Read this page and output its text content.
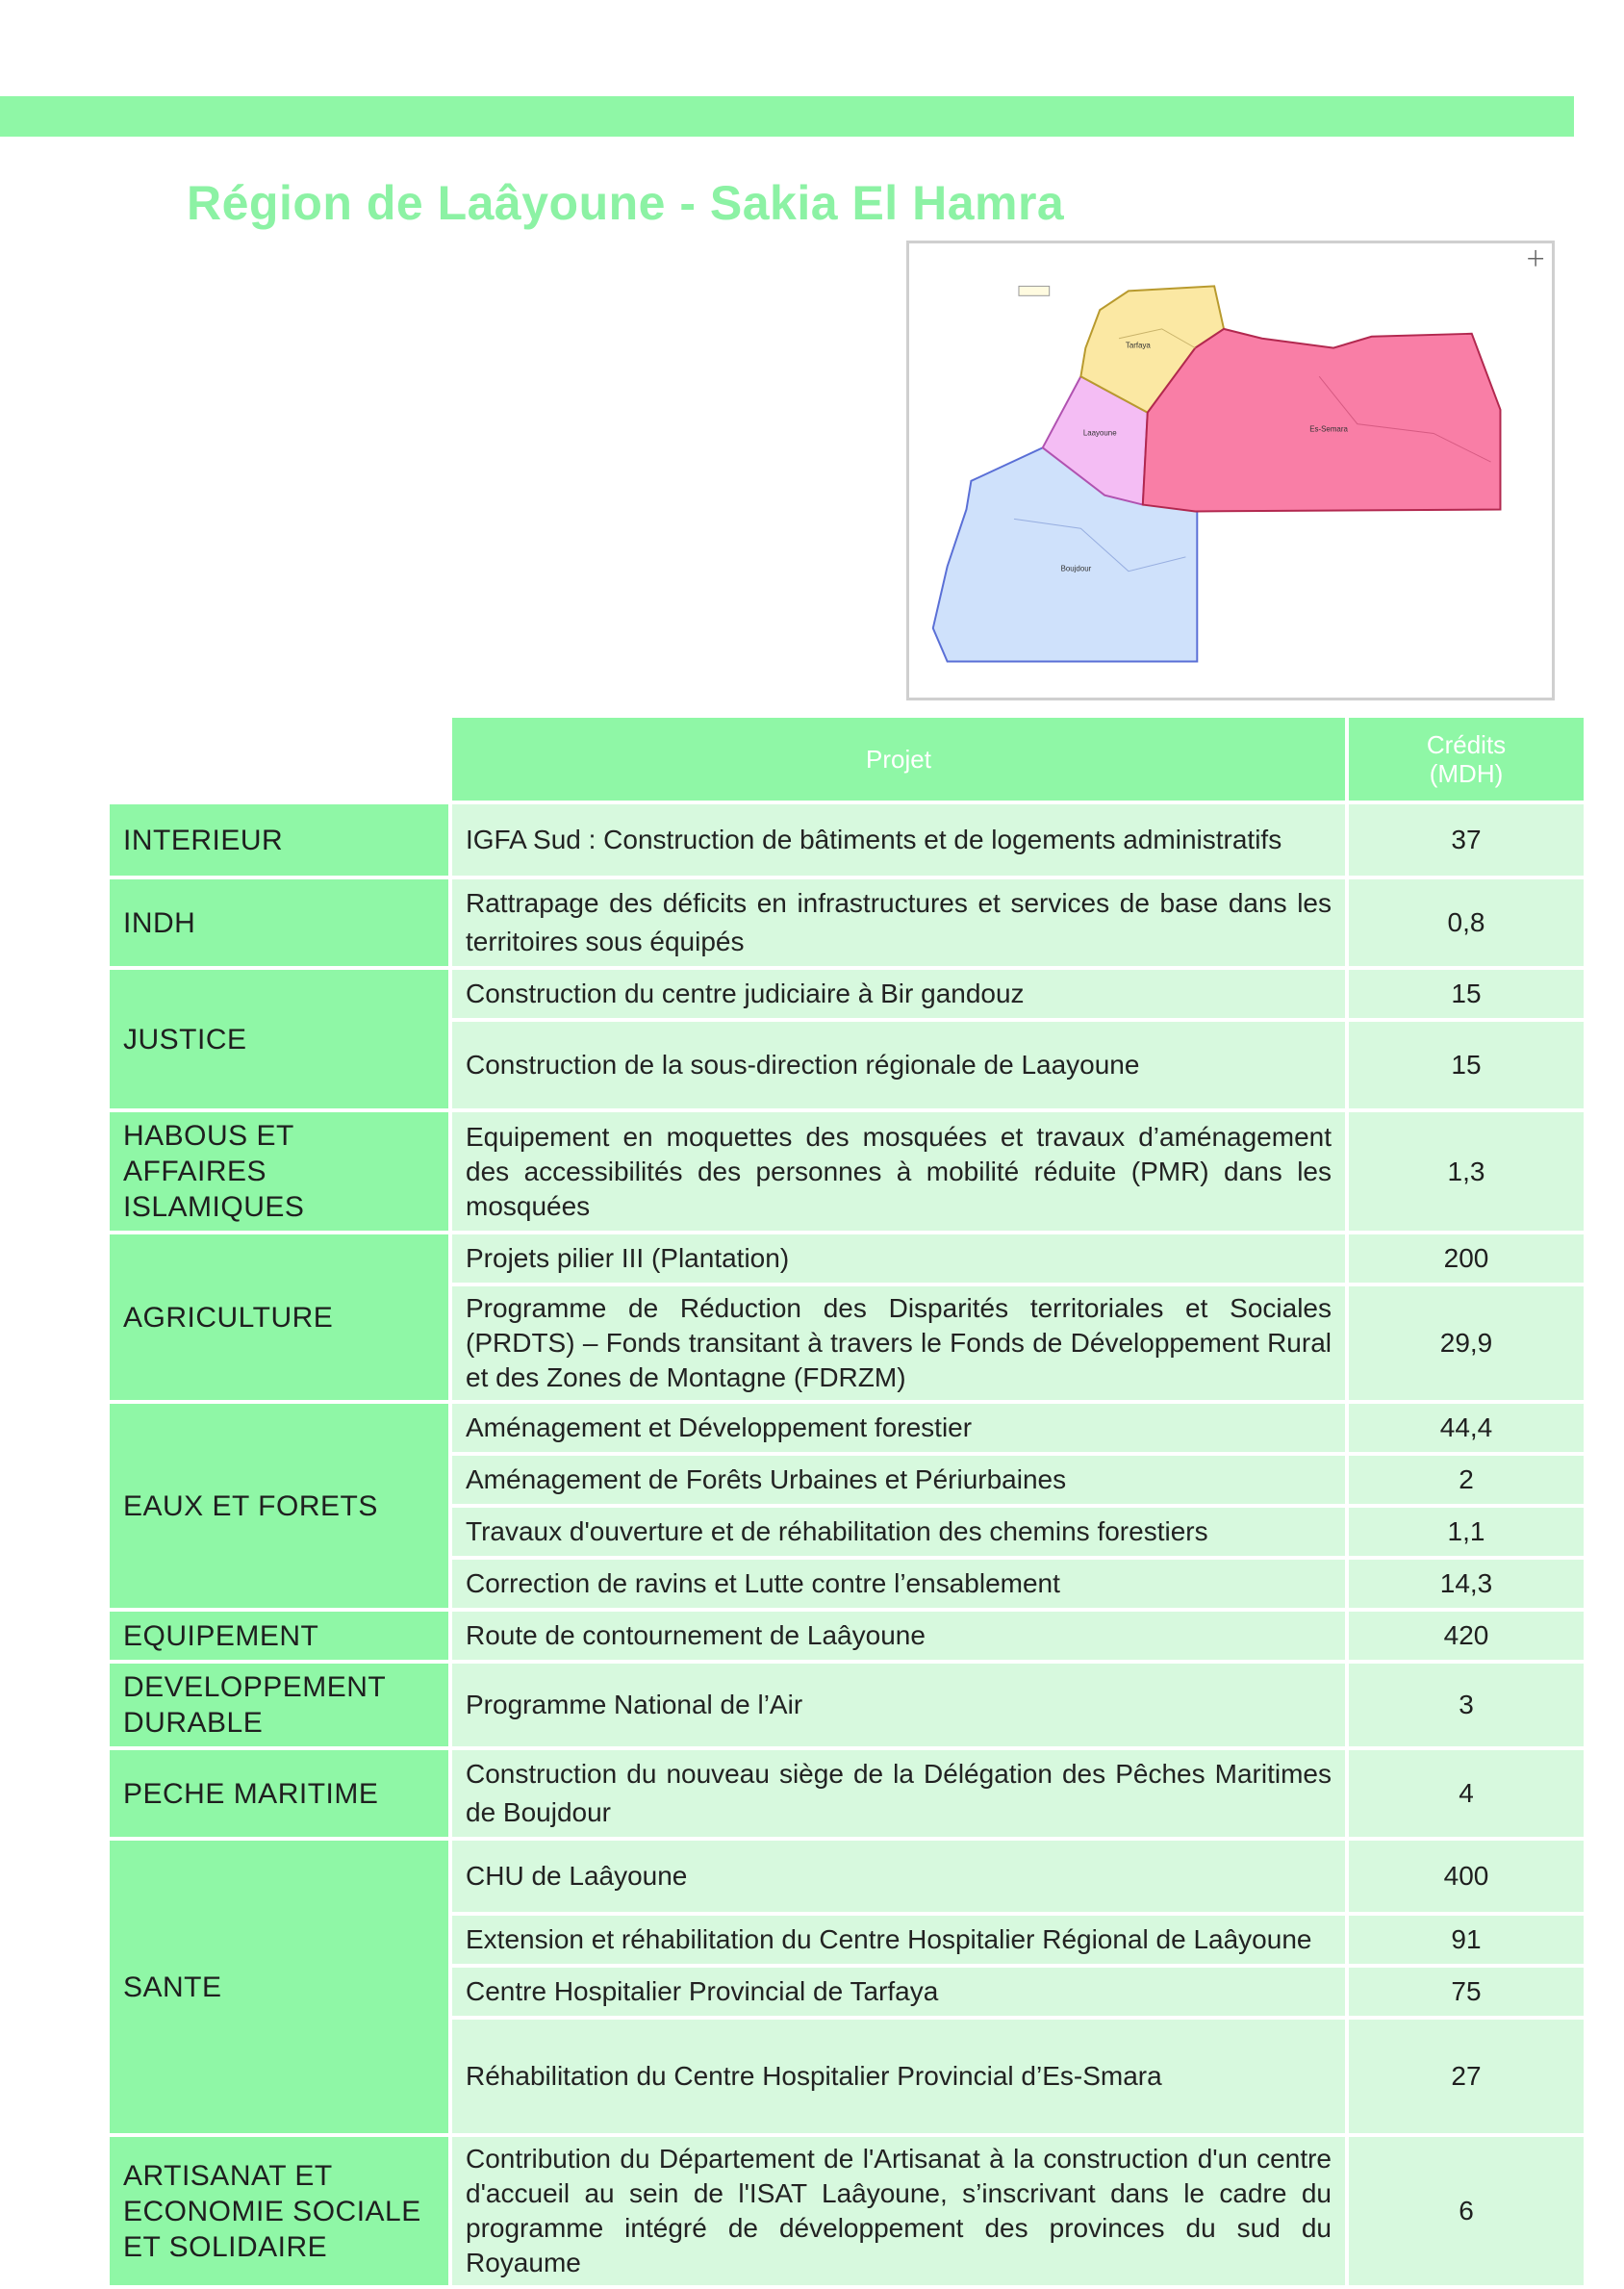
Région de Laâyoune - Sakia El Hamra
Tarfaya
Laayoune	Es-Semara
Boujdour
	Projet	Crédits
(MDH)

INTERIEUR	IGFA Sud : Construction de bâtiments et de logements administratifs	37
INDH	Rattrapage des déficits en infrastructures et services de base dans les territoires sous équipés	0,8
JUSTICE	Construction du centre judiciaire à Bir gandouz	15
	Construction de la sous-direction régionale de Laayoune	15
HABOUS ET AFFAIRES ISLAMIQUES	Equipement en moquettes des mosquées et travaux d’aménagement des accessibilités des personnes à mobilité réduite (PMR) dans les mosquées	1,3
AGRICULTURE	Projets pilier III (Plantation)	200
	Programme de Réduction des Disparités territoriales et Sociales (PRDTS) – Fonds transitant à travers le Fonds de Développement Rural et des Zones de Montagne (FDRZM)	29,9
EAUX ET FORETS	Aménagement et Développement forestier	44,4
	Aménagement de Forêts Urbaines et Périurbaines	2
	Travaux d'ouverture et de réhabilitation des chemins forestiers	1,1
	Correction de ravins et Lutte contre l’ensablement	14,3
EQUIPEMENT	Route de contournement de Laâyoune	420
DEVELOPPEMENT DURABLE	Programme National de l’Air	3
PECHE MARITIME	Construction du nouveau siège de la Délégation des Pêches Maritimes de Boujdour	4
SANTE	CHU de Laâyoune	400
	Extension et réhabilitation du Centre Hospitalier Régional de Laâyoune	91
	Centre Hospitalier Provincial de Tarfaya	75
	Réhabilitation du Centre Hospitalier Provincial d’Es-Smara	27
ARTISANAT ET ECONOMIE SOCIALE ET SOLIDAIRE	Contribution du Département de l'Artisanat à la construction d'un centre d'accueil au sein de l'ISAT Laâyoune, s’inscrivant dans le cadre du programme intégré de développement des provinces du sud du Royaume	6
